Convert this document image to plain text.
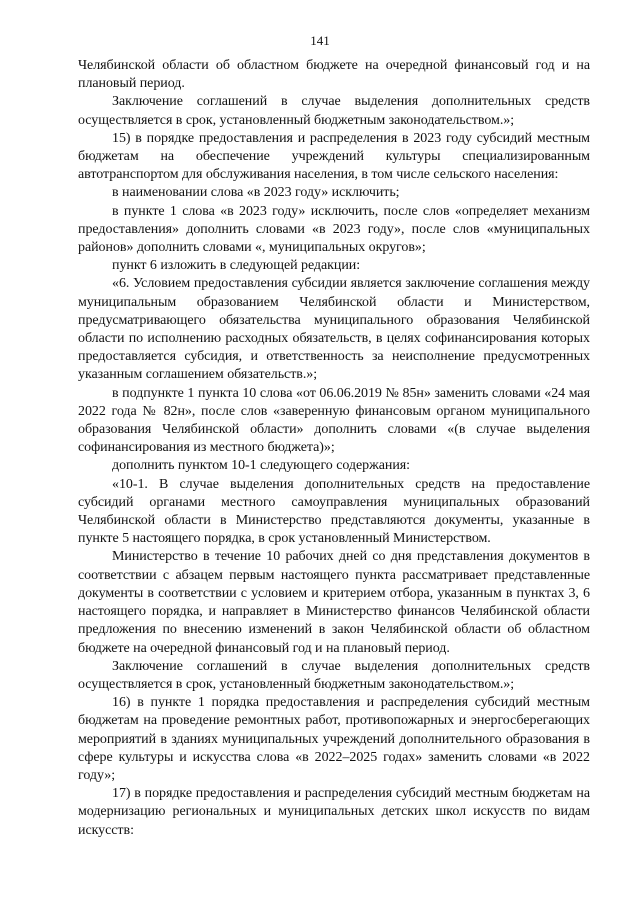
141

Челябинской области об областном бюджете на очередной финансовый год и на плановый период.

Заключение соглашений в случае выделения дополнительных средств осуществляется в срок, установленный бюджетным законодательством.»;

15) в порядке предоставления и распределения в 2023 году субсидий местным бюджетам на обеспечение учреждений культуры специализированным автотранспортом для обслуживания населения, в том числе сельского населения:

в наименовании слова «в 2023 году» исключить;

в пункте 1 слова «в 2023 году» исключить, после слов «определяет механизм предоставления» дополнить словами «в 2023 году», после слов «муниципальных районов» дополнить словами «, муниципальных округов»;

пункт 6 изложить в следующей редакции:

«6. Условием предоставления субсидии является заключение соглашения между муниципальным образованием Челябинской области и Министерством, предусматривающего обязательства муниципального образования Челябинской области по исполнению расходных обязательств, в целях софинансирования которых предоставляется субсидия, и ответственность за неисполнение предусмотренных указанным соглашением обязательств.»;

в подпункте 1 пункта 10 слова «от 06.06.2019 № 85н» заменить словами «24 мая 2022 года № 82н», после слов «заверенную финансовым органом муниципального образования Челябинской области» дополнить словами «(в случае выделения софинансирования из местного бюджета)»;

дополнить пунктом 10-1 следующего содержания:

«10-1. В случае выделения дополнительных средств на предоставление субсидий органами местного самоуправления муниципальных образований Челябинской области в Министерство представляются документы, указанные в пункте 5 настоящего порядка, в срок установленный Министерством.

Министерство в течение 10 рабочих дней со дня представления документов в соответствии с абзацем первым настоящего пункта рассматривает представленные документы в соответствии с условием и критерием отбора, указанным в пунктах 3, 6 настоящего порядка, и направляет в Министерство финансов Челябинской области предложения по внесению изменений в закон Челябинской области об областном бюджете на очередной финансовый год и на плановый период.

Заключение соглашений в случае выделения дополнительных средств осуществляется в срок, установленный бюджетным законодательством.»;

16) в пункте 1 порядка предоставления и распределения субсидий местным бюджетам на проведение ремонтных работ, противопожарных и энергосберегающих мероприятий в зданиях муниципальных учреждений дополнительного образования в сфере культуры и искусства слова «в 2022–2025 годах» заменить словами «в 2022 году»;

17) в порядке предоставления и распределения субсидий местным бюджетам на модернизацию региональных и муниципальных детских школ искусств по видам искусств:
